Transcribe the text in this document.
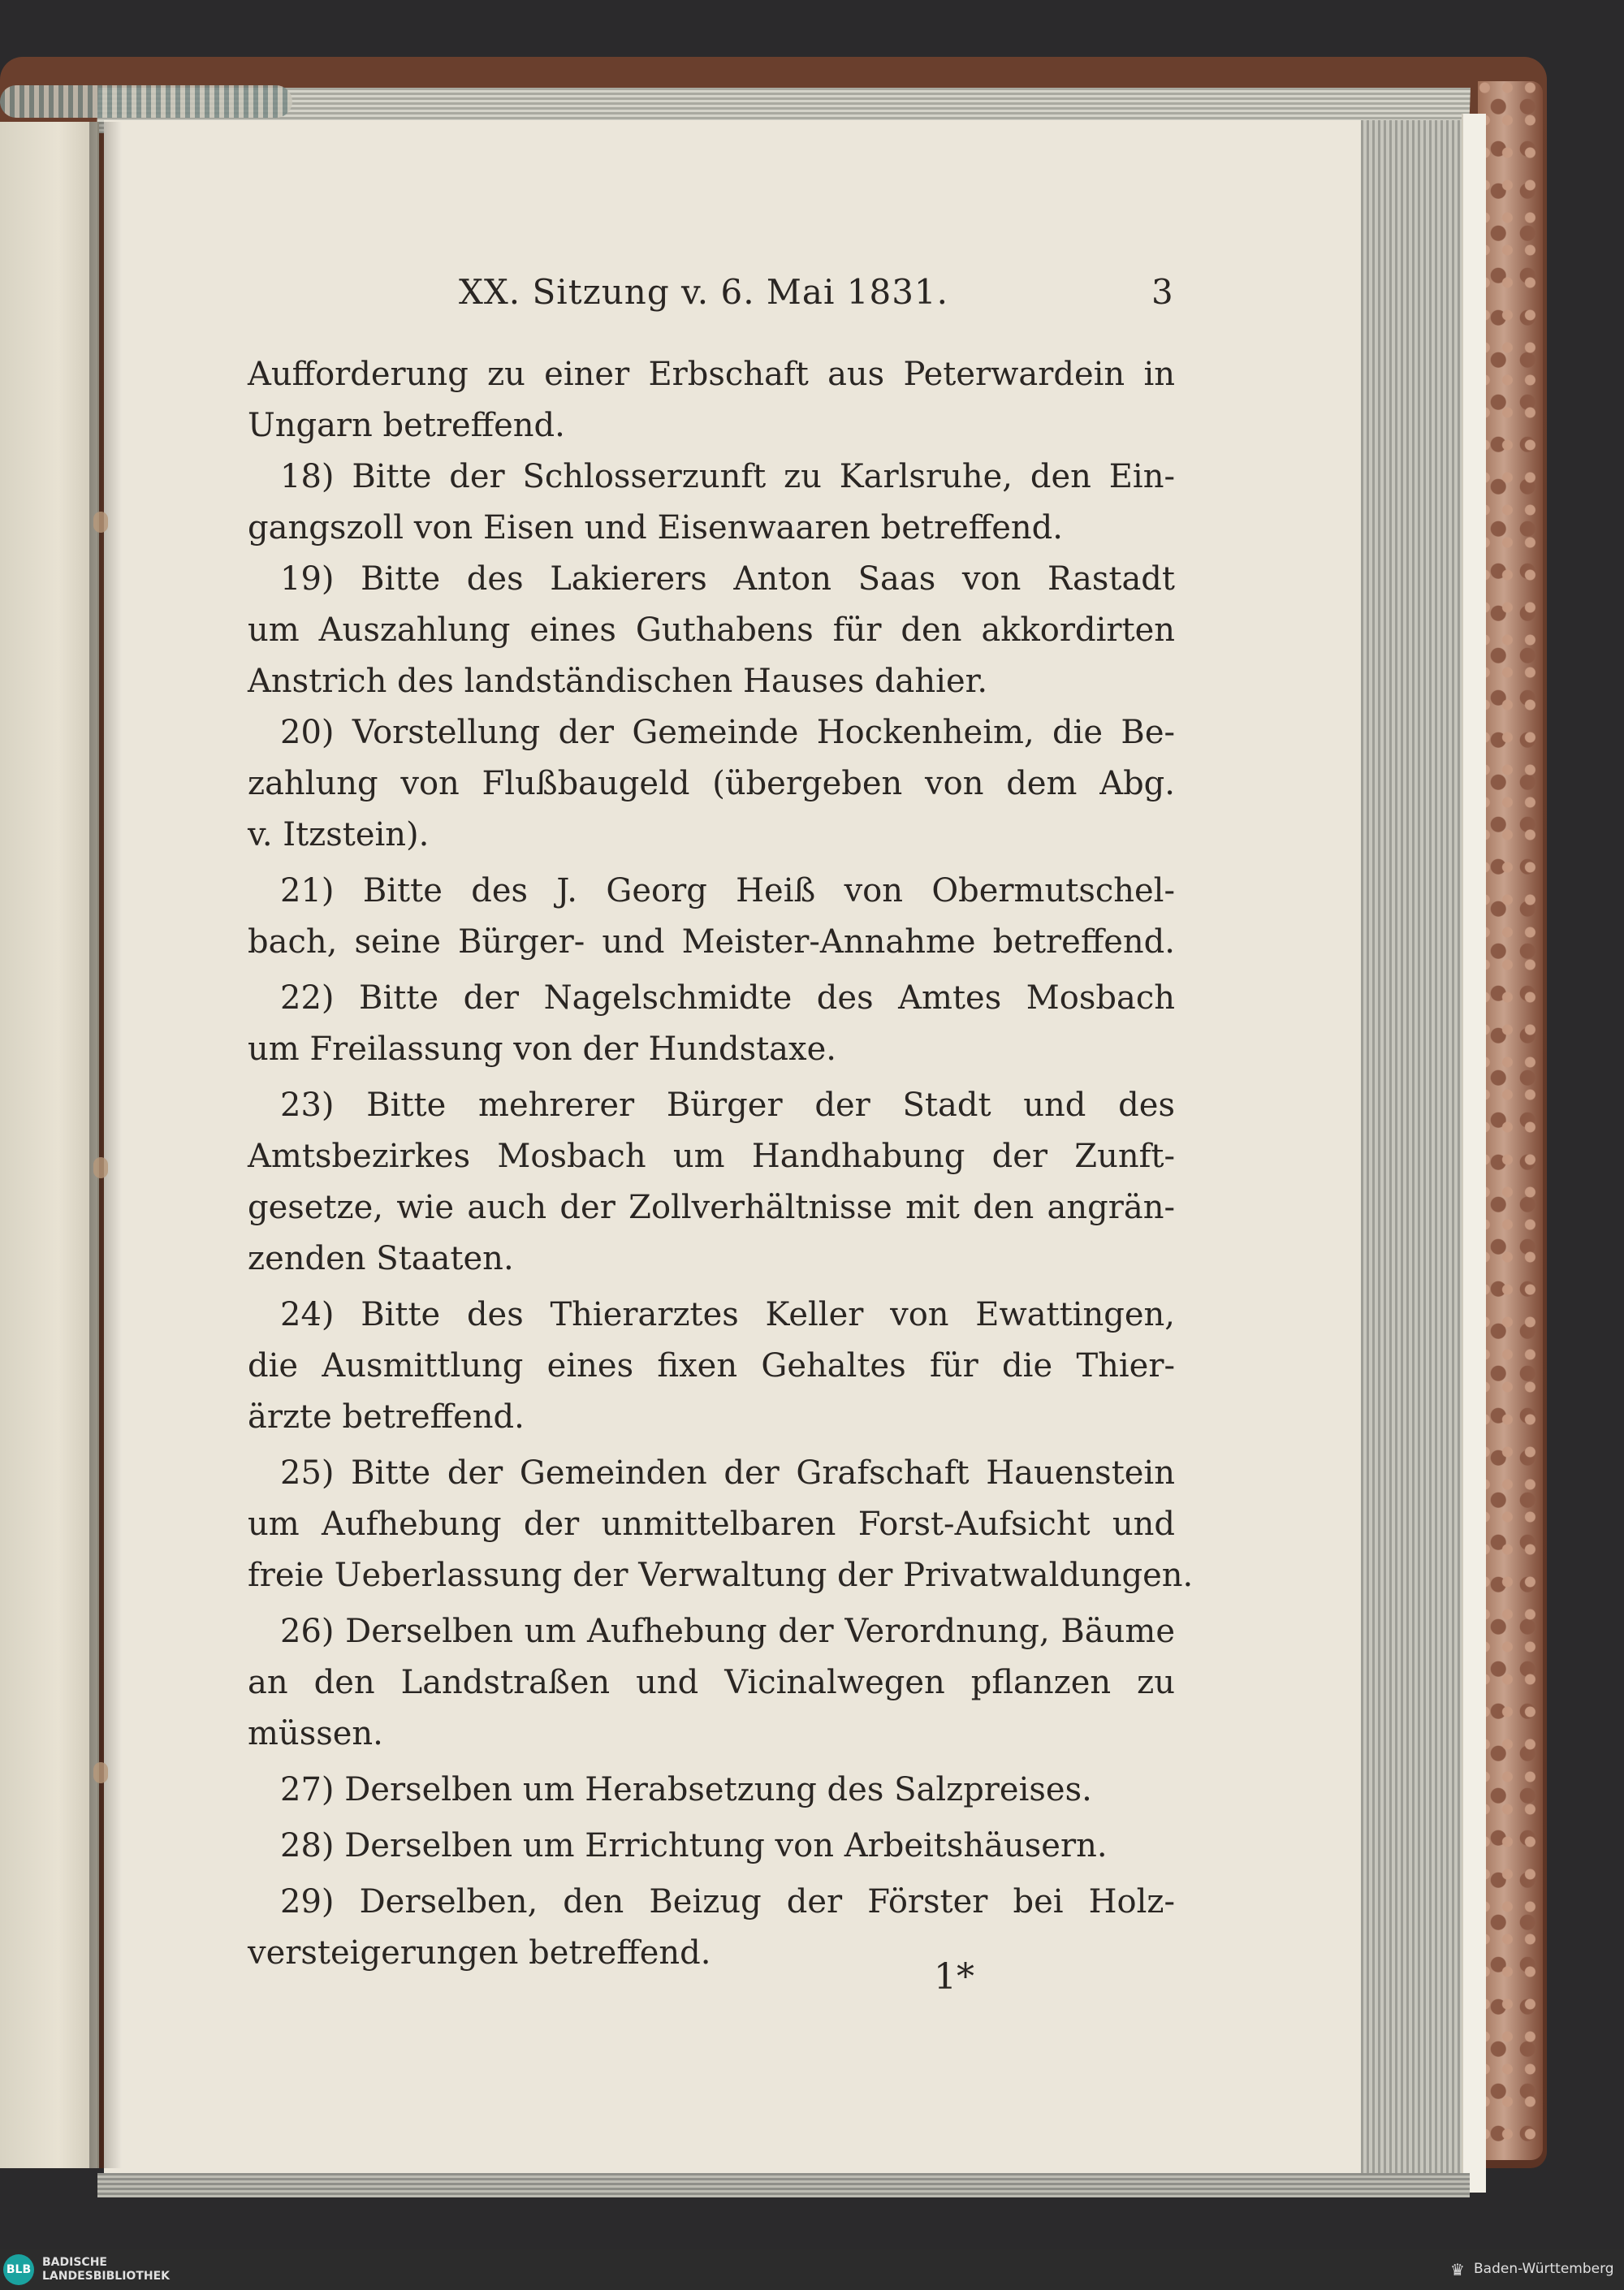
XX. Sitzung v. 6. Mai 1831.	3
Aufforderung zu einer Erbschaft aus Peterwardein in
Ungarn betreffend.
18) Bitte der Schlosserzunft zu Karlsruhe, den Ein-
gangszoll von Eisen und Eisenwaaren betreffend.
19) Bitte des Lakierers Anton Saas von Rastadt
um Auszahlung eines Guthabens für den akkordirten
Anstrich des landständischen Hauses dahier.
20) Vorstellung der Gemeinde Hockenheim, die Be-
zahlung von Flußbaugeld (übergeben von dem Abg.
v. Itzstein).
21) Bitte des J. Georg Heiß von Obermutschel-
bach, seine Bürger- und Meister-Annahme betreffend.
22) Bitte der Nagelschmidte des Amtes Mosbach
um Freilassung von der Hundstaxe.
23) Bitte mehrerer Bürger der Stadt und des
Amtsbezirkes Mosbach um Handhabung der Zunft-
gesetze, wie auch der Zollverhältnisse mit den angrän-
zenden Staaten.
24) Bitte des Thierarztes Keller von Ewattingen,
die Ausmittlung eines fixen Gehaltes für die Thier-
ärzte betreffend.
25) Bitte der Gemeinden der Grafschaft Hauenstein
um Aufhebung der unmittelbaren Forst-Aufsicht und
freie Ueberlassung der Verwaltung der Privatwaldungen.
26) Derselben um Aufhebung der Verordnung, Bäume
an den Landstraßen und Vicinalwegen pflanzen zu
müssen.
27) Derselben um Herabsetzung des Salzpreises.
28) Derselben um Errichtung von Arbeitshäusern.
29) Derselben, den Beizug der Förster bei Holz-
versteigerungen betreffend.
1*
BLB
BADISCHE
LANDESBIBLIOTHEK	♛ Baden-Württemberg
